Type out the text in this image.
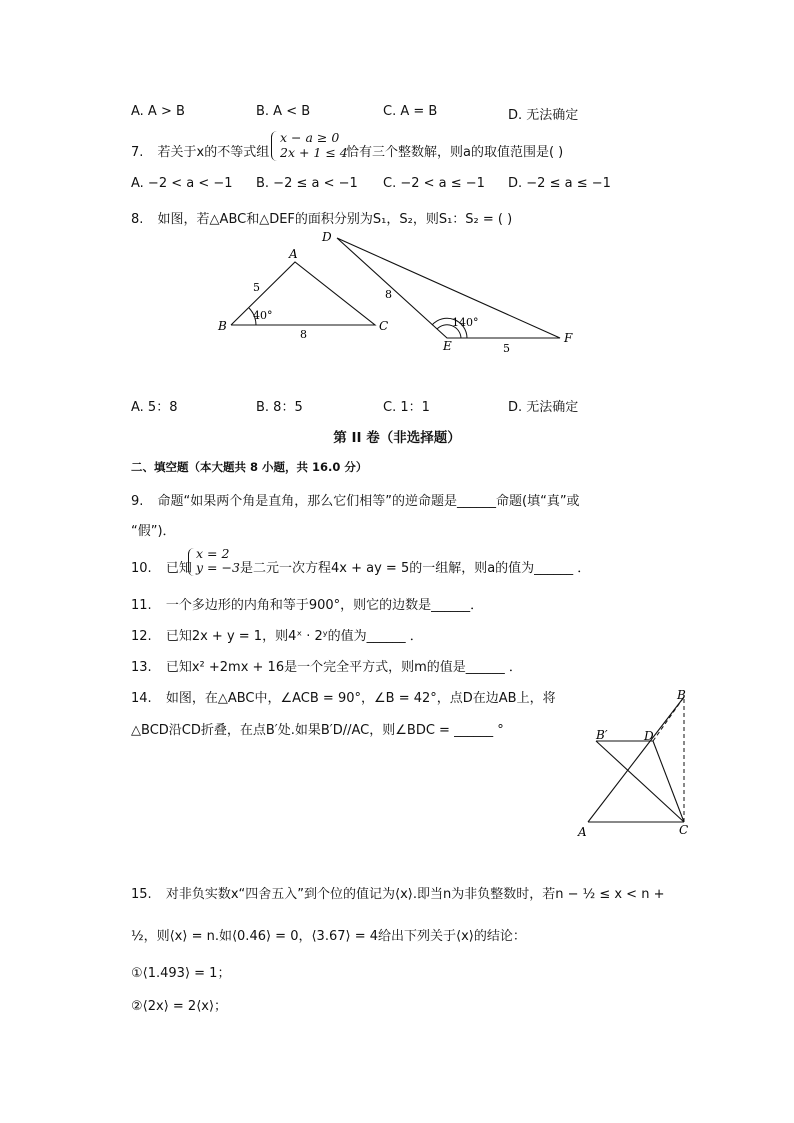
A. A > B	B. A < B	C. A = B	D. 无法确定
7. 若关于x的不等式组
x − a ≥ 0
2x + 1 ≤ 4
恰有三个整数解，则a的取值范围是( )
A. −2 < a < −1 B. −2 ≤ a < −1 C. −2 < a ≤ −1 D. −2 ≤ a ≤ −1
8. 如图，若△ABC和△DEF的面积分别为S₁，S₂，则S₁：S₂ = ( )
A
B	C
5
8
40°
D
E
F
8
5
140°
A. 5：8	B. 8：5	C. 1：1	D. 无法确定
第 II 卷（非选择题）
二、填空题（本大题共 8 小题，共 16.0 分）
9. 命题“如果两个角是直角，那么它们相等”的逆命题是______命题(填“真”或
“假”)．
10. 已知
x = 2
y = −3 是二元一次方程4x + ay = 5的一组解，则a的值为______ ．
11. 一个多边形的内角和等于900°，则它的边数是______．
12. 已知2x + y = 1，则4ˣ · 2ʸ的值为______ ．
13. 已知x² +2mx + 16是一个完全平方式，则m的值是______ ．
14. 如图，在△ABC中，∠ACB = 90°，∠B = 42°，点D在边AB上，将
△BCD沿CD折叠，在点B′处.如果B′D//AC，则∠BDC = ______ °
A	C
B
D
B′
15. 对非负实数x“四舍五入”到个位的值记为⟨x⟩.即当n为非负整数时，若n − ½ ≤ x < n +
½，则⟨x⟩ = n.如⟨0.46⟩ = 0，⟨3.67⟩ = 4给出下列关于⟨x⟩的结论：
①⟨1.493⟩ = 1；
②⟨2x⟩ = 2⟨x⟩；
